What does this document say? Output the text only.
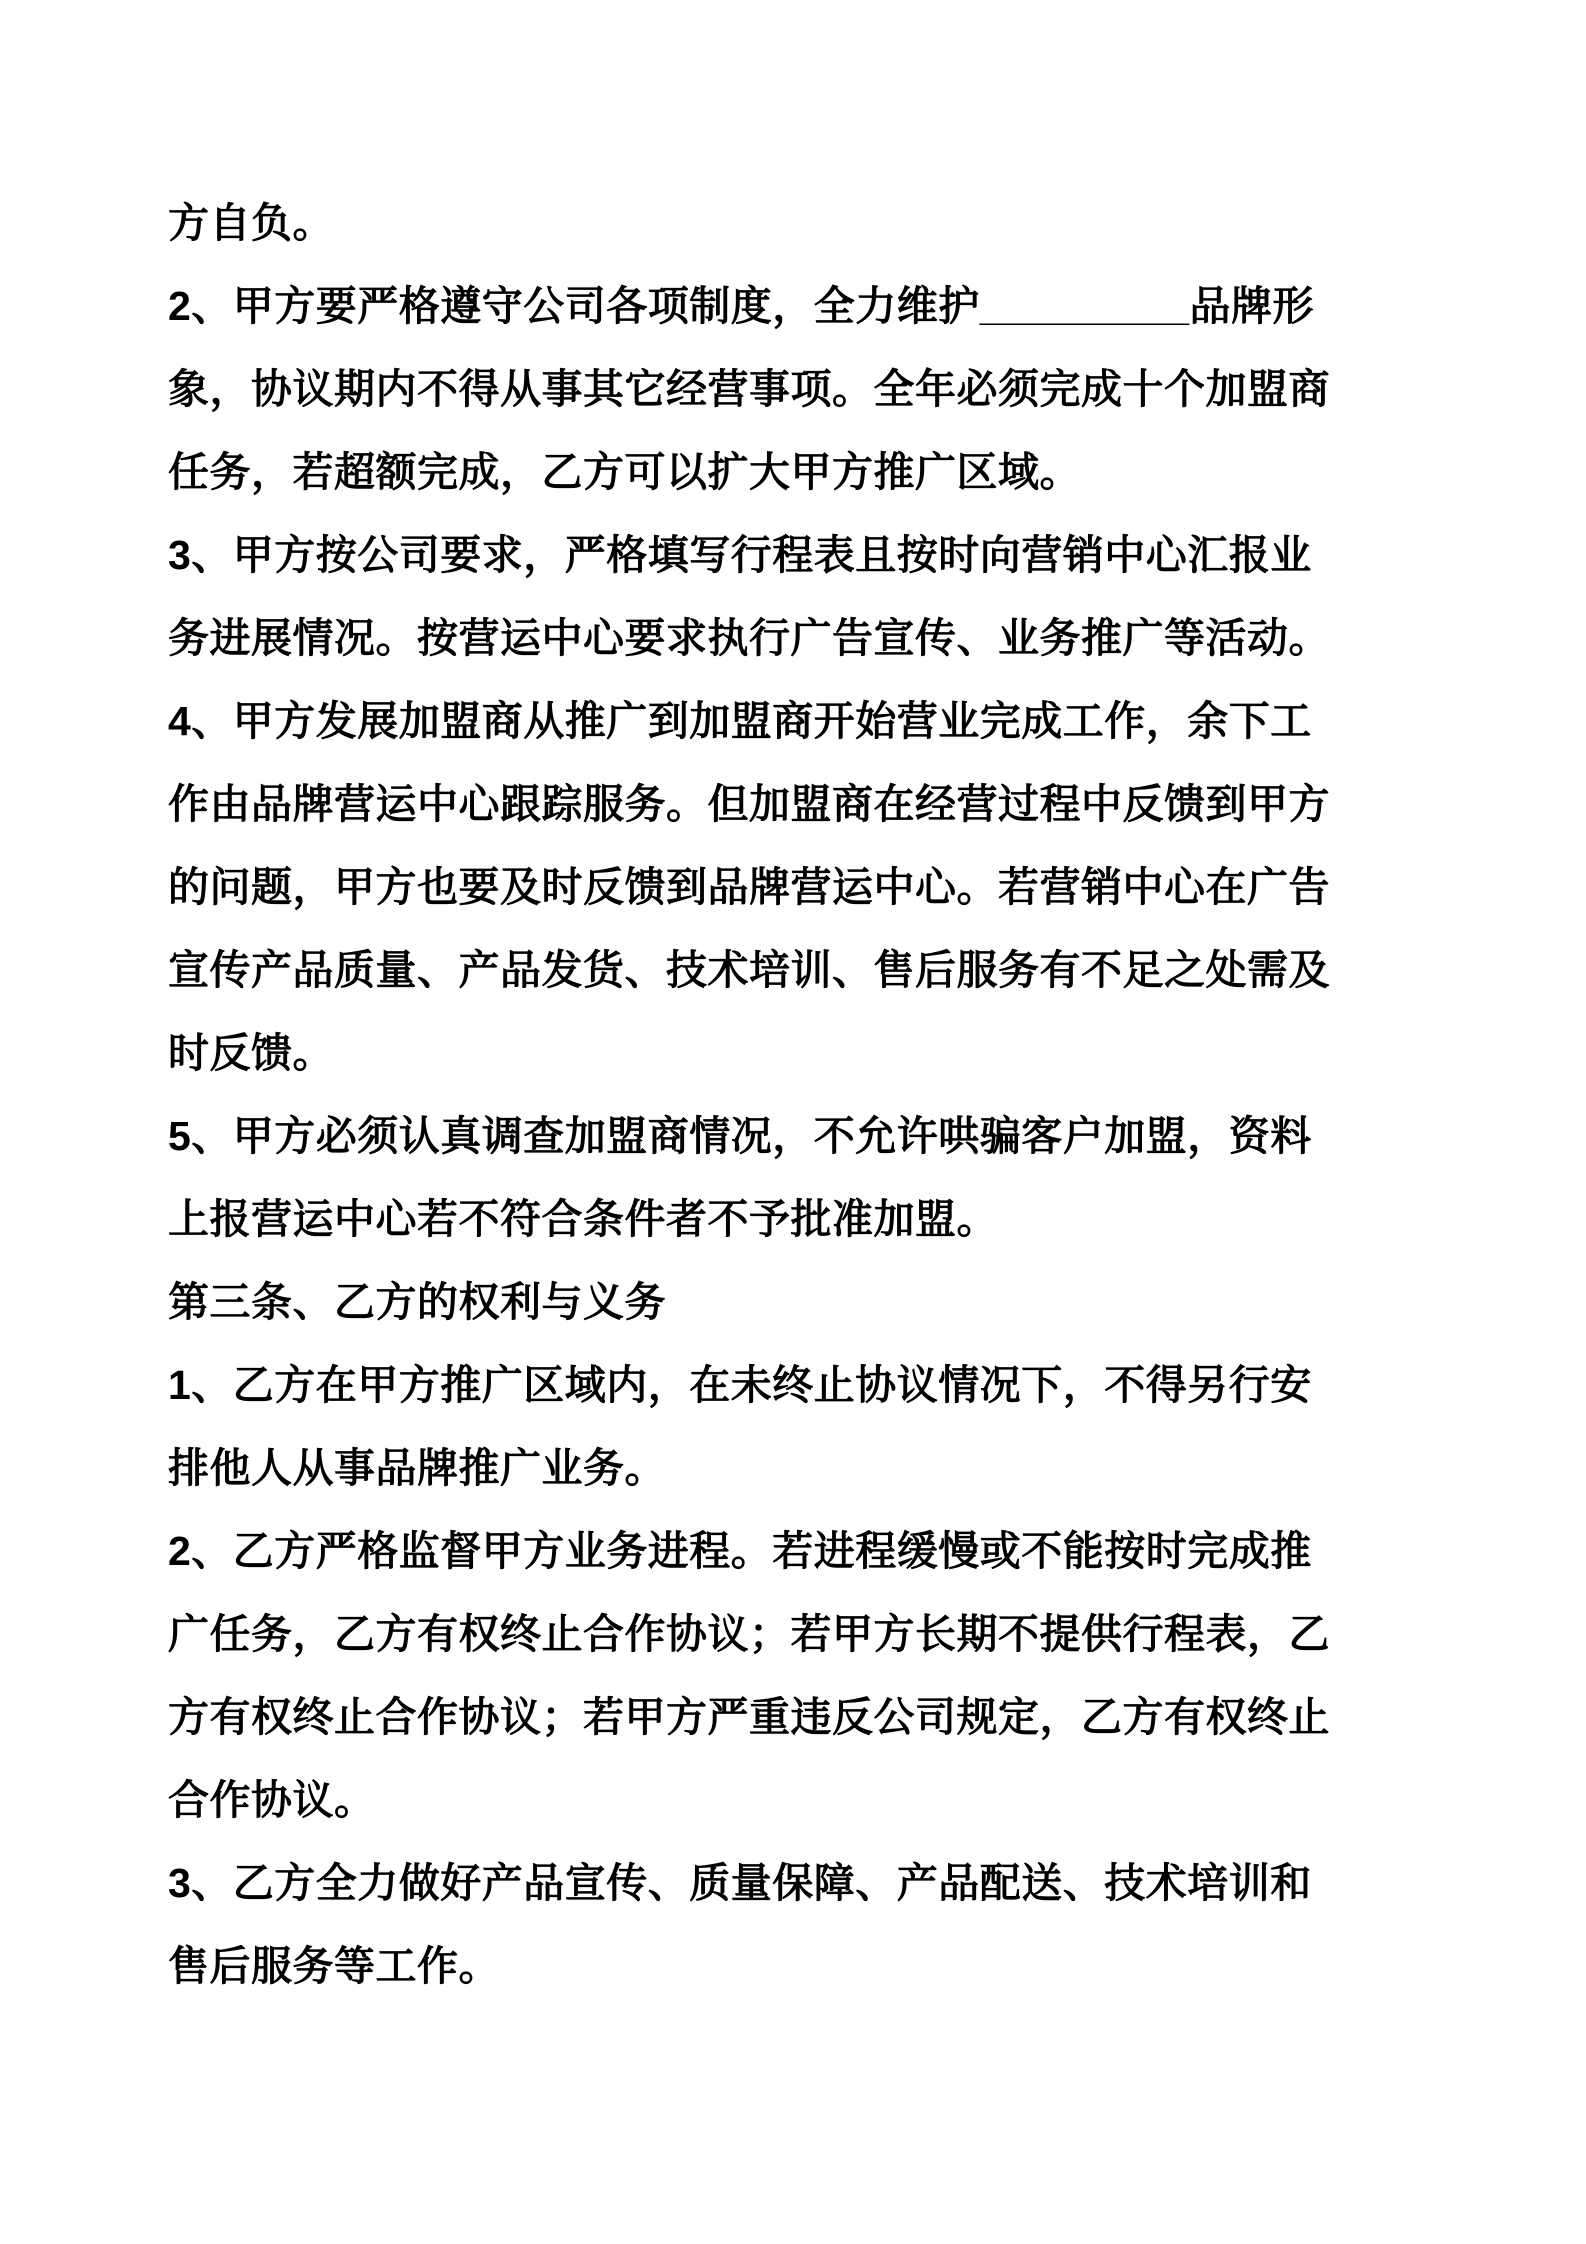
方自负。
2、甲方要严格遵守公司各项制度，全力维护_________品牌形
象，协议期内不得从事其它经营事项。全年必须完成十个加盟商
任务，若超额完成，乙方可以扩大甲方推广区域。
3、甲方按公司要求，严格填写行程表且按时向营销中心汇报业
务进展情况。按营运中心要求执行广告宣传、业务推广等活动。
4、甲方发展加盟商从推广到加盟商开始营业完成工作，余下工
作由品牌营运中心跟踪服务。但加盟商在经营过程中反馈到甲方
的问题，甲方也要及时反馈到品牌营运中心。若营销中心在广告
宣传产品质量、产品发货、技术培训、售后服务有不足之处需及
时反馈。
5、甲方必须认真调查加盟商情况，不允许哄骗客户加盟，资料
上报营运中心若不符合条件者不予批准加盟。
第三条、乙方的权利与义务
1、乙方在甲方推广区域内，在未终止协议情况下，不得另行安
排他人从事品牌推广业务。
2、乙方严格监督甲方业务进程。若进程缓慢或不能按时完成推
广任务，乙方有权终止合作协议；若甲方长期不提供行程表，乙
方有权终止合作协议；若甲方严重违反公司规定，乙方有权终止
合作协议。
3、乙方全力做好产品宣传、质量保障、产品配送、技术培训和
售后服务等工作。
